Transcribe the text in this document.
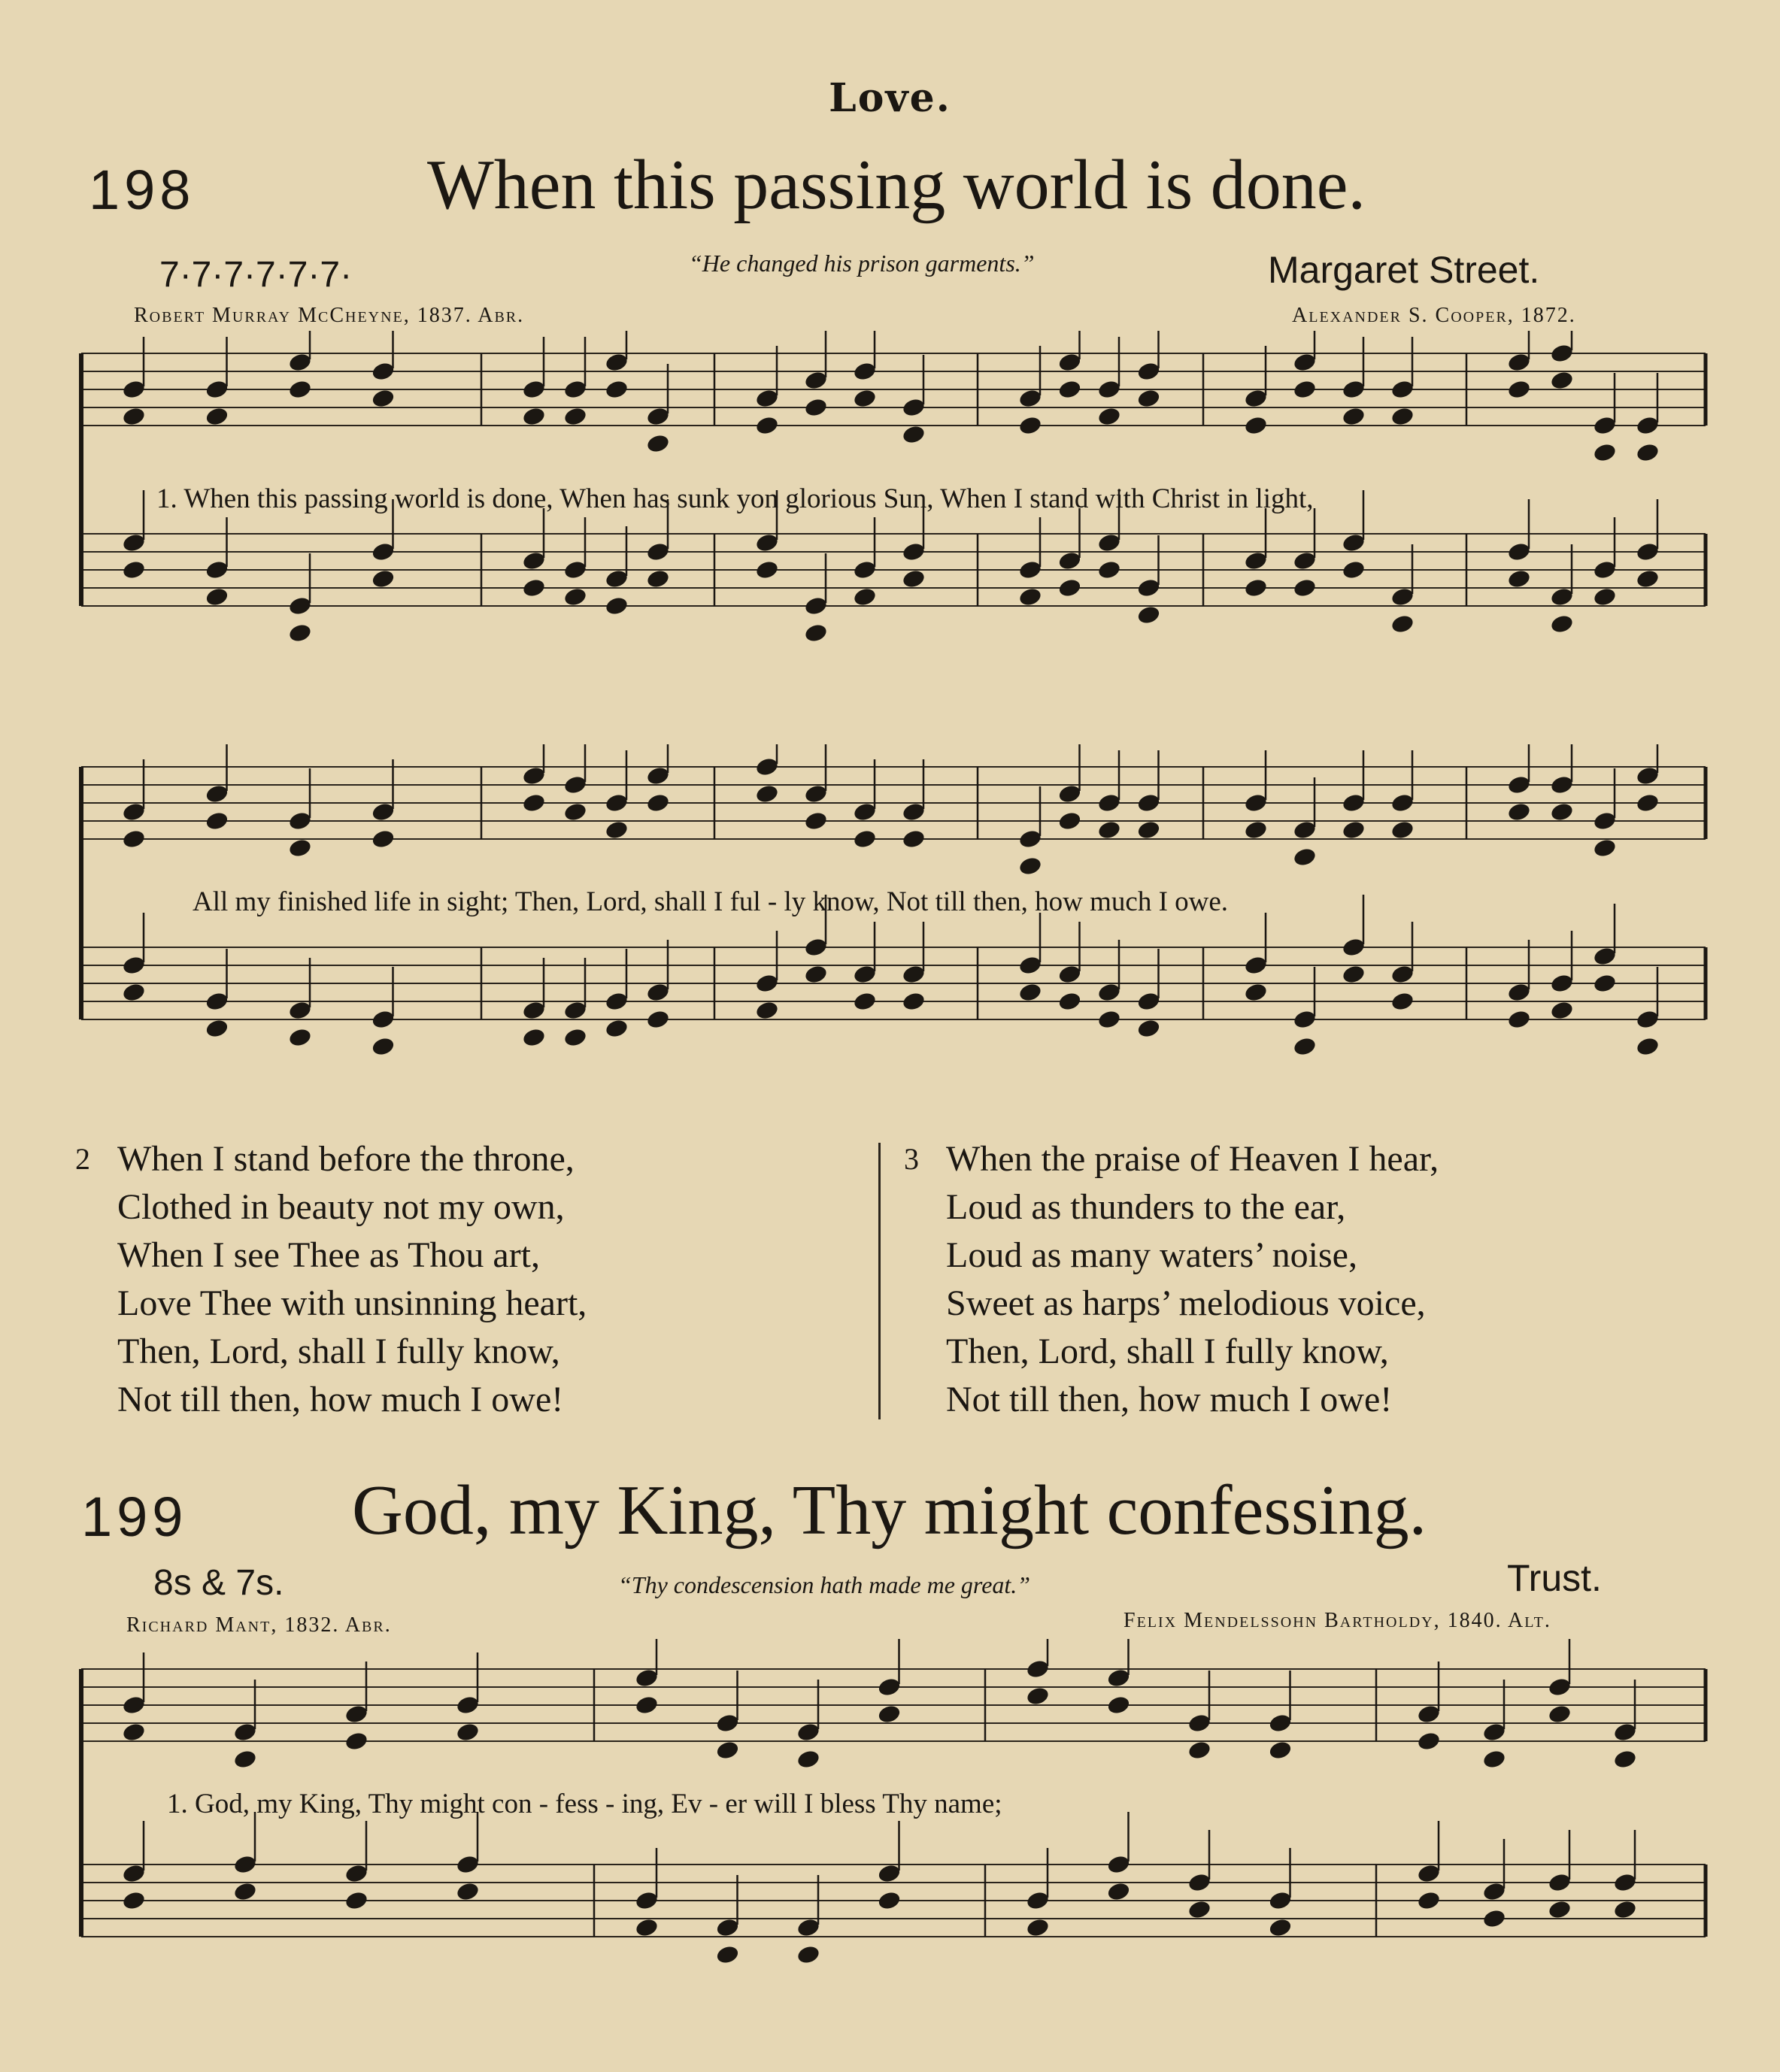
Love.
198	When this passing world is done.
7·7·7·7·7·7·	“He changed his prison garments.”	Margaret Street.
Robert Murray McCheyne, 1837. Abr.	Alexander S. Cooper, 1872.
1. When this passing world is done, When has sunk yon glorious Sun, When I stand with Christ in light,
All my finished life in sight; Then, Lord, shall I ful - ly know, Not till then, how much I owe.
2 When I stand before the throne,
Clothed in beauty not my own,
When I see Thee as Thou art,
Love Thee with unsinning heart,
Then, Lord, shall I fully know,
Not till then, how much I owe!
3 When the praise of Heaven I hear,
Loud as thunders to the ear,
Loud as many waters’ noise,
Sweet as harps’ melodious voice,
Then, Lord, shall I fully know,
Not till then, how much I owe!
199 God, my King, Thy might confessing.
8s & 7s.	“Thy condescension hath made me great.”	Trust.
Richard Mant, 1832. Abr.	Felix Mendelssohn Bartholdy, 1840. Alt.
1. God, my King, Thy might con - fess - ing, Ev - er will I bless Thy name;
